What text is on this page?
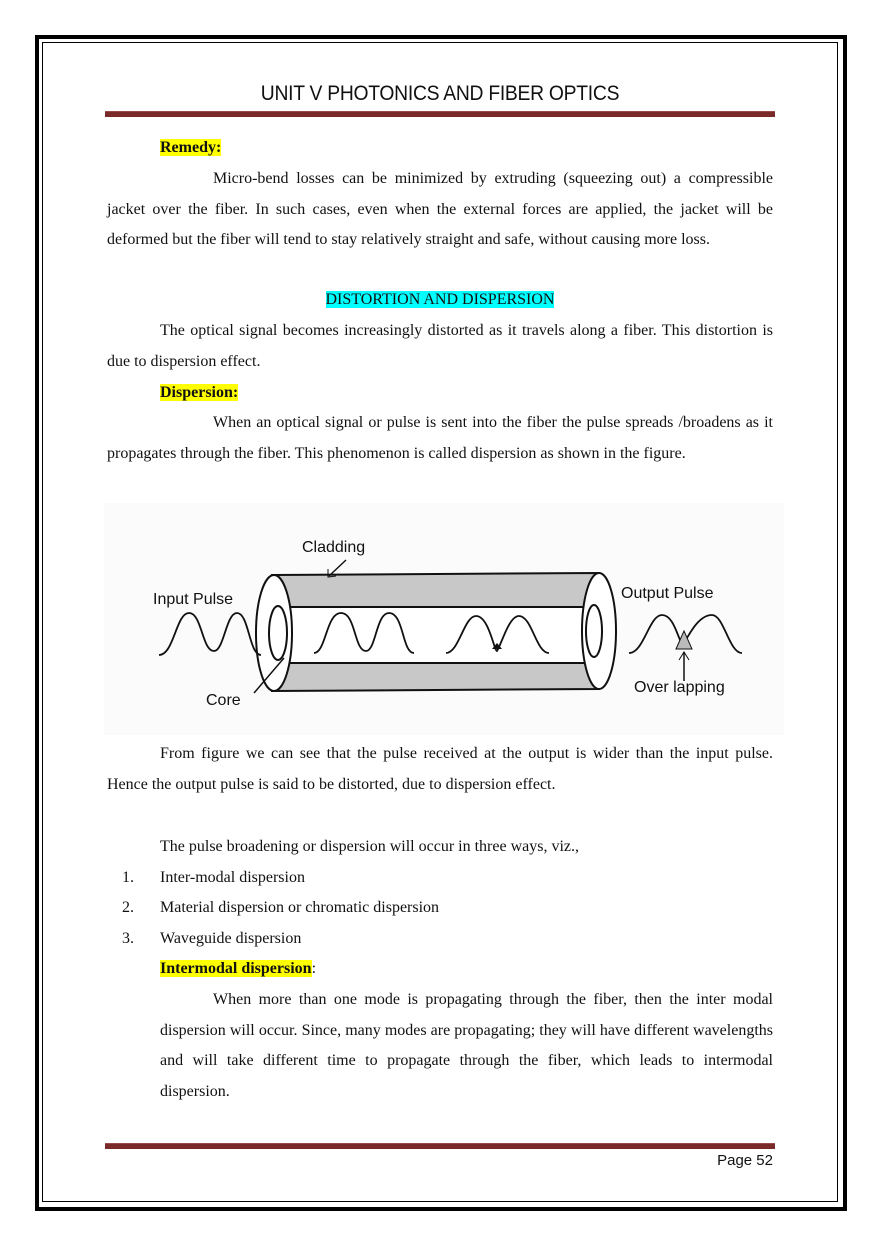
UNIT V PHOTONICS AND FIBER OPTICS
Remedy:
Micro-bend losses can be minimized by extruding (squeezing out) a compressible jacket over the fiber. In such cases, even when the external forces are applied, the jacket will be deformed but the fiber will tend to stay relatively straight and safe, without causing more loss.
DISTORTION AND DISPERSION
The optical signal becomes increasingly distorted as it travels along a fiber. This distortion is due to dispersion effect.
Dispersion:
When an optical signal or pulse is sent into the fiber the pulse spreads /broadens as it propagates through the fiber. This phenomenon is called dispersion as shown in the figure.
Cladding
Input Pulse	Output Pulse
Core
Over lapping
From figure we can see that the pulse received at the output is wider than the input pulse. Hence the output pulse is said to be distorted, due to dispersion effect.
The pulse broadening or dispersion will occur in three ways, viz.,
1. Inter-modal dispersion
2. Material dispersion or chromatic dispersion
3. Waveguide dispersion
Intermodal dispersion:
When more than one mode is propagating through the fiber, then the inter modal dispersion will occur. Since, many modes are propagating; they will have different wavelengths and will take different time to propagate through the fiber, which leads to intermodal dispersion.
Page 52
